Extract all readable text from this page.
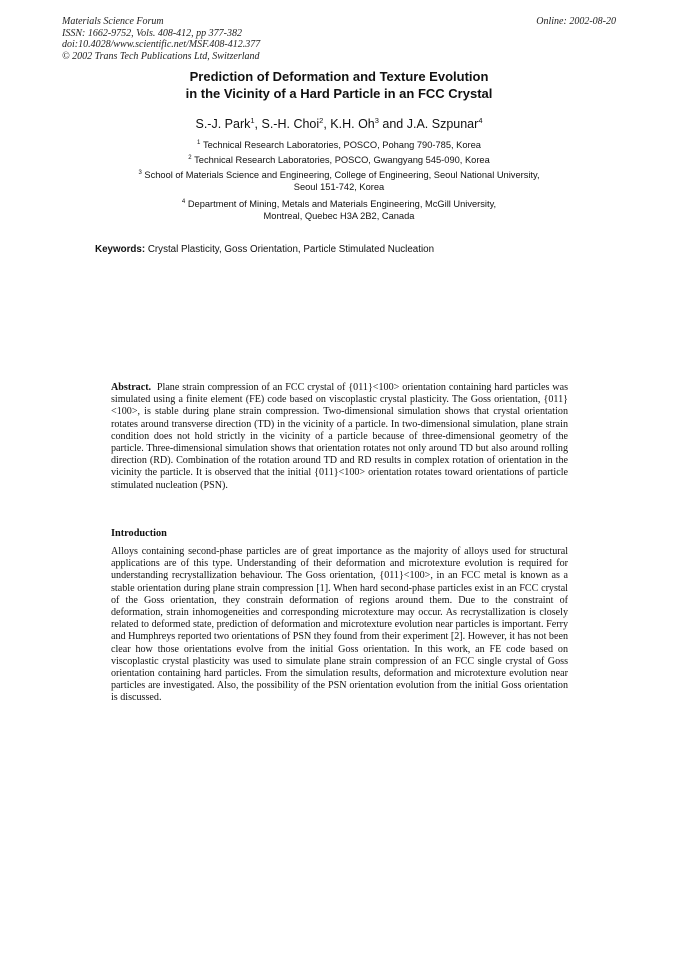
Materials Science Forum
ISSN: 1662-9752, Vols. 408-412, pp 377-382
doi:10.4028/www.scientific.net/MSF.408-412.377
© 2002 Trans Tech Publications Ltd, Switzerland
Online: 2002-08-20
Prediction of Deformation and Texture Evolution
in the Vicinity of a Hard Particle in an FCC Crystal
S.-J. Park$^1$, S.-H. Choi$^2$, K.H. Oh$^3$ and J.A. Szpunar$^4$
$^1$ Technical Research Laboratories, POSCO, Pohang 790-785, Korea
$^2$ Technical Research Laboratories, POSCO, Gwangyang 545-090, Korea
$^3$ School of Materials Science and Engineering, College of Engineering, Seoul National University,
Seoul 151-742, Korea
$^4$ Department of Mining, Metals and Materials Engineering, McGill University,
Montreal, Quebec H3A 2B2, Canada
Keywords: Crystal Plasticity, Goss Orientation, Particle Stimulated Nucleation
Abstract. Plane strain compression of an FCC crystal of {011}<100> orientation containing hard particles was simulated using a finite element (FE) code based on viscoplastic crystal plasticity. The Goss orientation, {011}<100>, is stable during plane strain compression. Two-dimensional simulation shows that crystal orientation rotates around transverse direction (TD) in the vicinity of a particle. In two-dimensional simulation, plane strain condition does not hold strictly in the vicinity of a particle because of three-dimensional geometry of the particle. Three-dimensional simulation shows that orientation rotates not only around TD but also around rolling direction (RD). Combination of the rotation around TD and RD results in complex rotation of orientation in the vicinity the particle. It is observed that the initial {011}<100> orientation rotates toward orientations of particle stimulated nucleation (PSN).
Introduction
Alloys containing second-phase particles are of great importance as the majority of alloys used for structural applications are of this type. Understanding of their deformation and microtexture evolution is required for understanding recrystallization behaviour. The Goss orientation, {011}<100>, in an FCC metal is known as a stable orientation during plane strain compression [1]. When hard second-phase particles exist in an FCC crystal of the Goss orientation, they constrain deformation of regions around them. Due to the constraint of deformation, strain inhomogeneities and corresponding microtexture may occur. As recrystallization is closely related to deformed state, prediction of deformation and microtexture evolution near particles is important. Ferry and Humphreys reported two orientations of PSN they found from their experiment [2]. However, it has not been clear how those orientations evolve from the initial Goss orientation. In this work, an FE code based on viscoplastic crystal plasticity was used to simulate plane strain compression of an FCC single crystal of Goss orientation containing hard particles. From the simulation results, deformation and microtexture evolution near particles are investigated. Also, the possibility of the PSN orientation evolution from the initial Goss orientation is discussed.
